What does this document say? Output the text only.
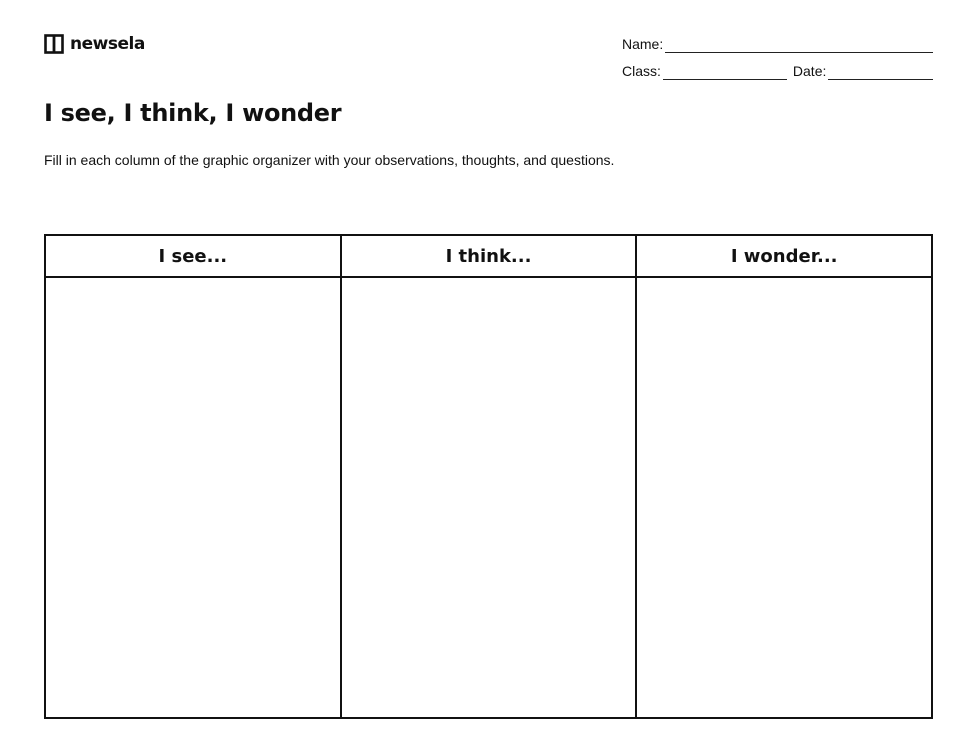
newsela	Name:
Class:	Date:
I see, I think, I wonder

Fill in each column of the graphic organizer with your observations, thoughts, and questions.

I see...	I think...	I wonder...
